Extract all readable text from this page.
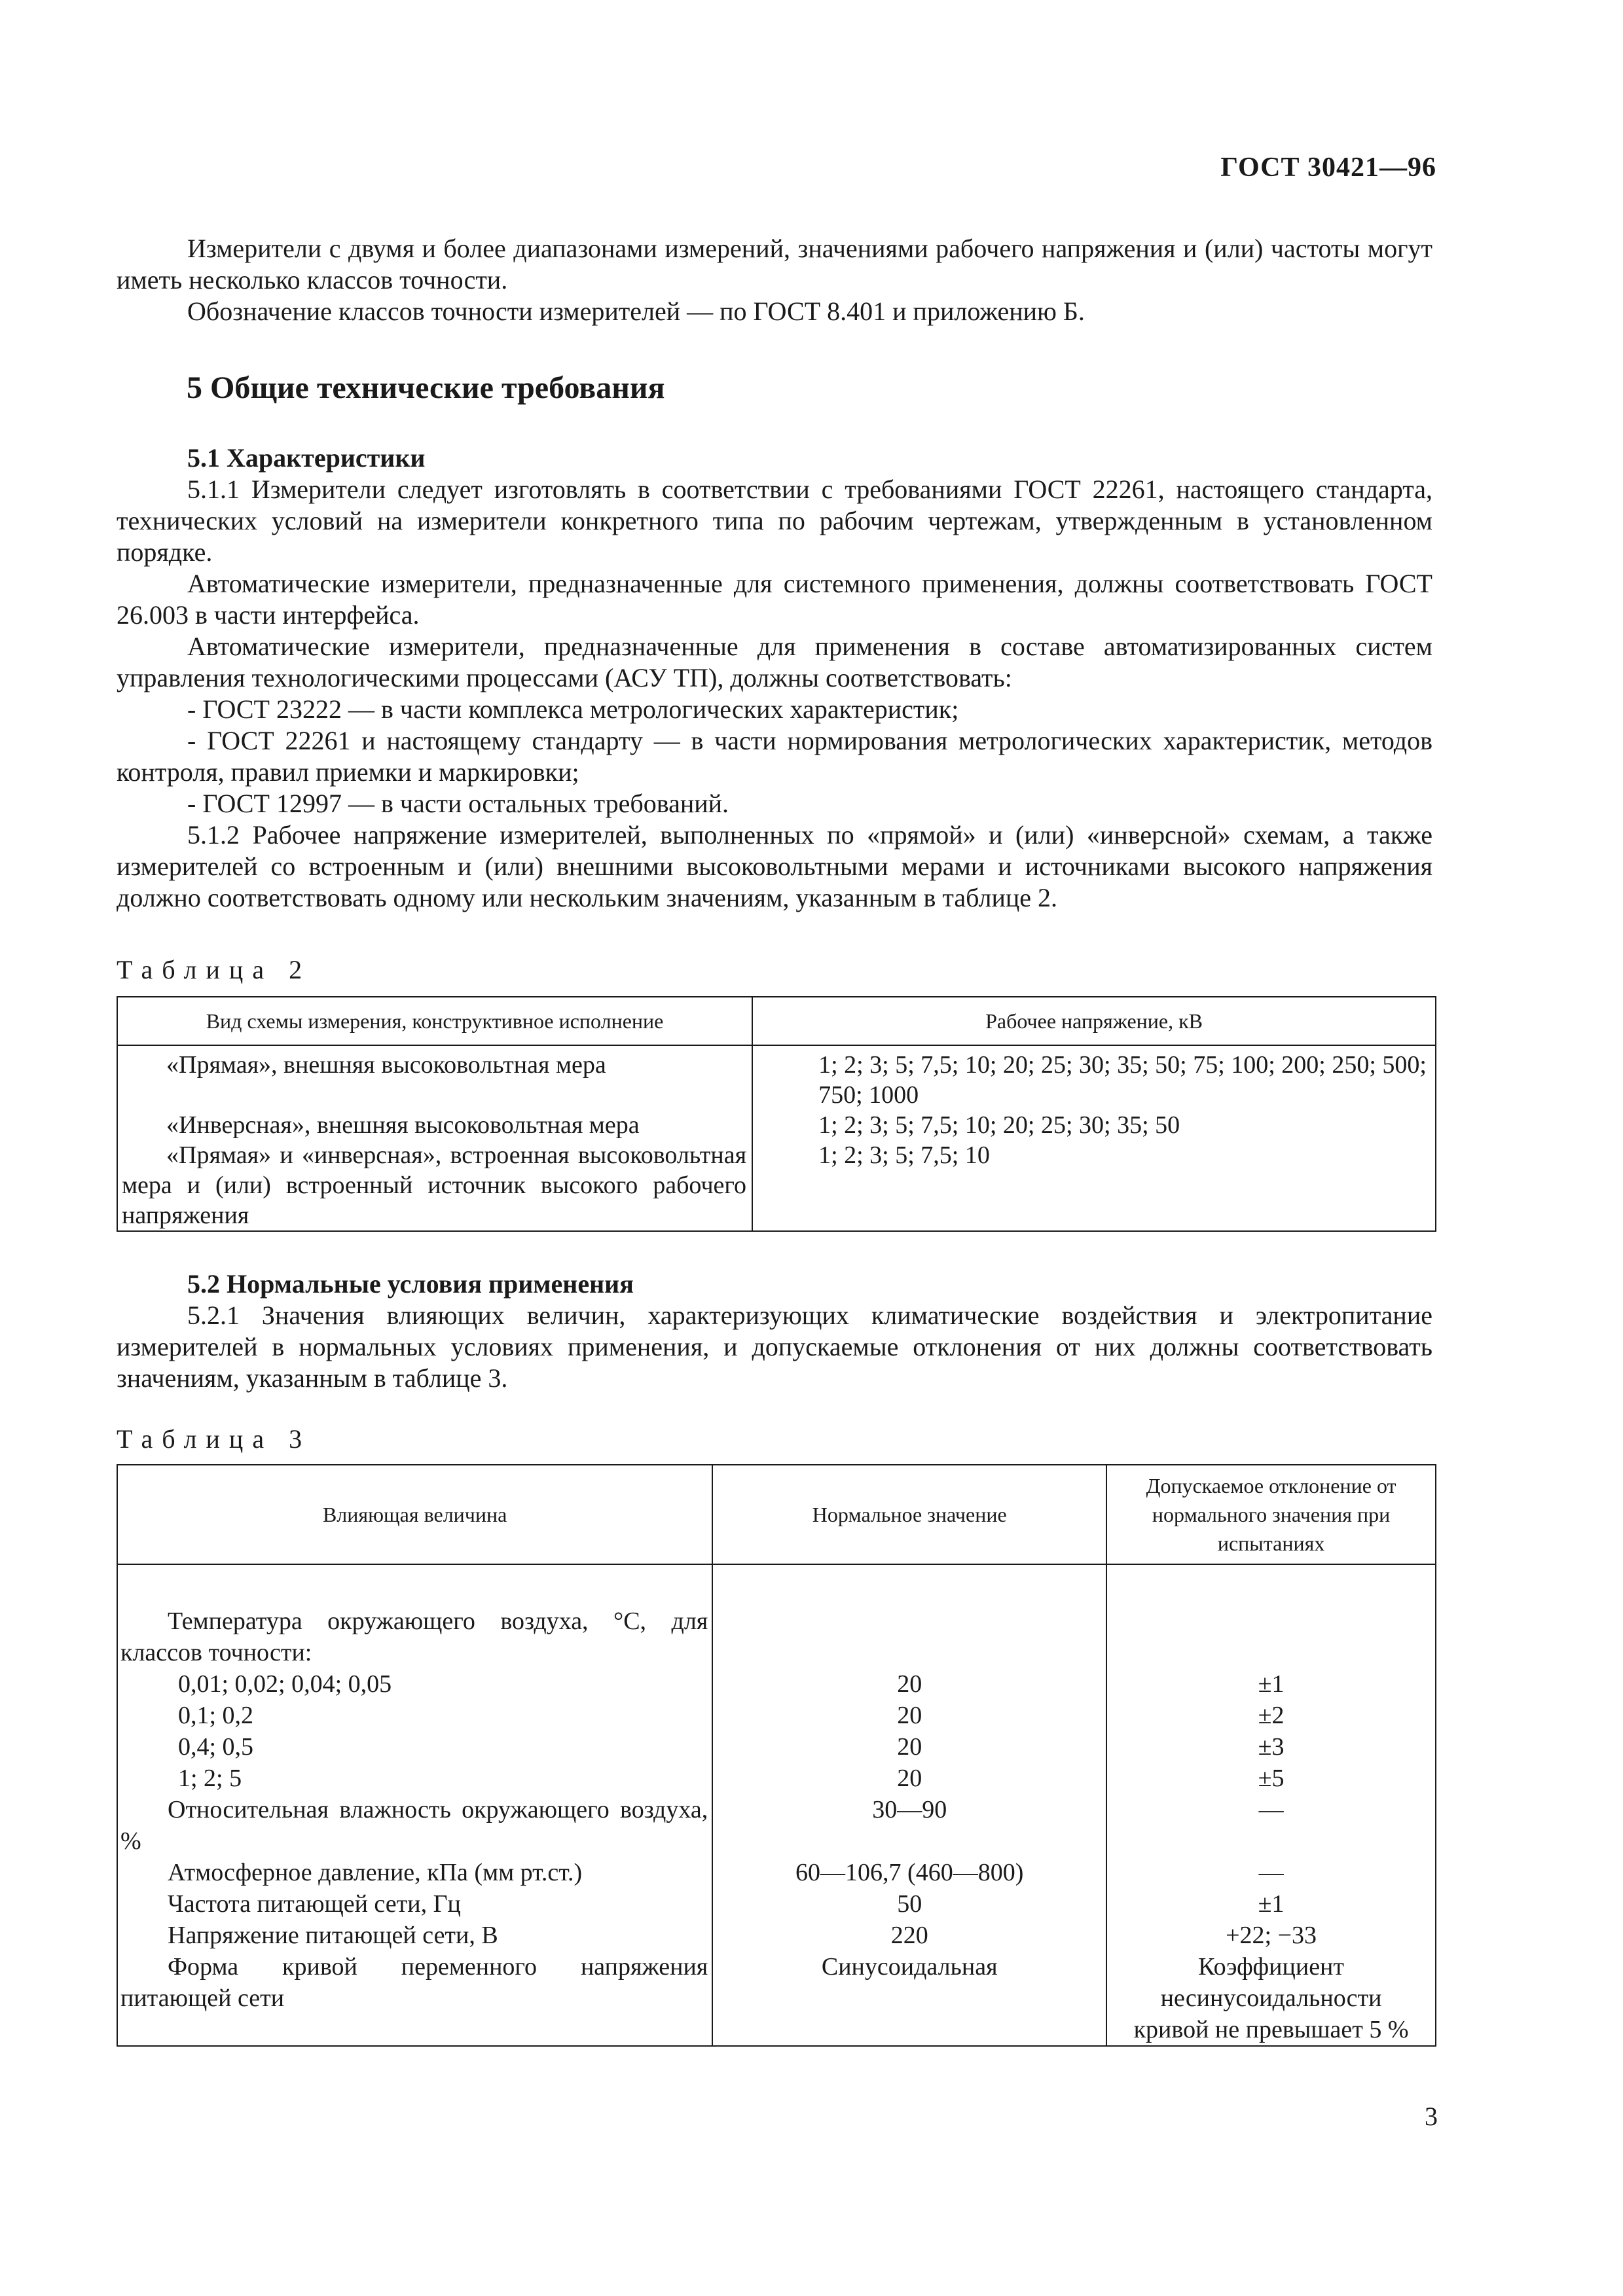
ГОСТ 30421—96

Измерители с двумя и более диапазонами измерений, значениями рабочего напряжения и (или) частоты могут иметь несколько классов точности.

Обозначение классов точности измерителей — по ГОСТ 8.401 и приложению Б.

5 Общие технические требования

5.1 Характеристики

5.1.1 Измерители следует изготовлять в соответствии с требованиями ГОСТ 22261, настоящего стандарта, технических условий на измерители конкретного типа по рабочим чертежам, утвержденным в установленном порядке.

Автоматические измерители, предназначенные для системного применения, должны соответствовать ГОСТ 26.003 в части интерфейса.

Автоматические измерители, предназначенные для применения в составе автоматизированных систем управления технологическими процессами (АСУ ТП), должны соответствовать:

- ГОСТ 23222 — в части комплекса метрологических характеристик;

- ГОСТ 22261 и настоящему стандарту — в части нормирования метрологических характеристик, методов контроля, правил приемки и маркировки;

- ГОСТ 12997 — в части остальных требований.

5.1.2 Рабочее напряжение измерителей, выполненных по «прямой» и (или) «инверсной» схемам, а также измерителей со встроенным и (или) внешними высоковольтными мерами и источниками высокого напряжения должно соответствовать одному или нескольким значениям, указанным в таблице 2.

Таблица 2
Вид схемы измерения, конструктивное исполнение	Рабочее напряжение, кВ
«Прямая», внешняя высоковольтная мера	1; 2; 3; 5; 7,5; 10; 20; 25; 30; 35; 50; 75; 100; 200; 250; 500; 750; 1000
«Инверсная», внешняя высоковольтная мера	1; 2; 3; 5; 7,5; 10; 20; 25; 30; 35; 50
«Прямая» и «инверсная», встроенная высоковольтная мера и (или) встроенный источник высокого рабочего напряжения	1; 2; 3; 5; 7,5; 10

5.2 Нормальные условия применения

5.2.1 Значения влияющих величин, характеризующих климатические воздействия и электропитание измерителей в нормальных условиях применения, и допускаемые отклонения от них должны соответствовать значениям, указанным в таблице 3.

Таблица 3
Влияющая величина	Нормальное значение	Допускаемое отклонение от нормального значения при испытаниях

Температура окружающего воздуха, °С, для классов точности:		
0,01; 0,02; 0,04; 0,05	20	±1
0,1; 0,2	20	±2
0,4; 0,5	20	±3
1; 2; 5	20	±5
Относительная влажность окружающего воздуха, %	30—90	—
Атмосферное давление, кПа (мм рт.ст.)	60—106,7 (460—800)	—
Частота питающей сети, Гц	50	±1
Напряжение питающей сети, В	220	+22; −33
Форма кривой переменного напряжения питающей сети	Синусоидальная	Коэффициент несинусоидальности кривой не превышает 5 %
3
